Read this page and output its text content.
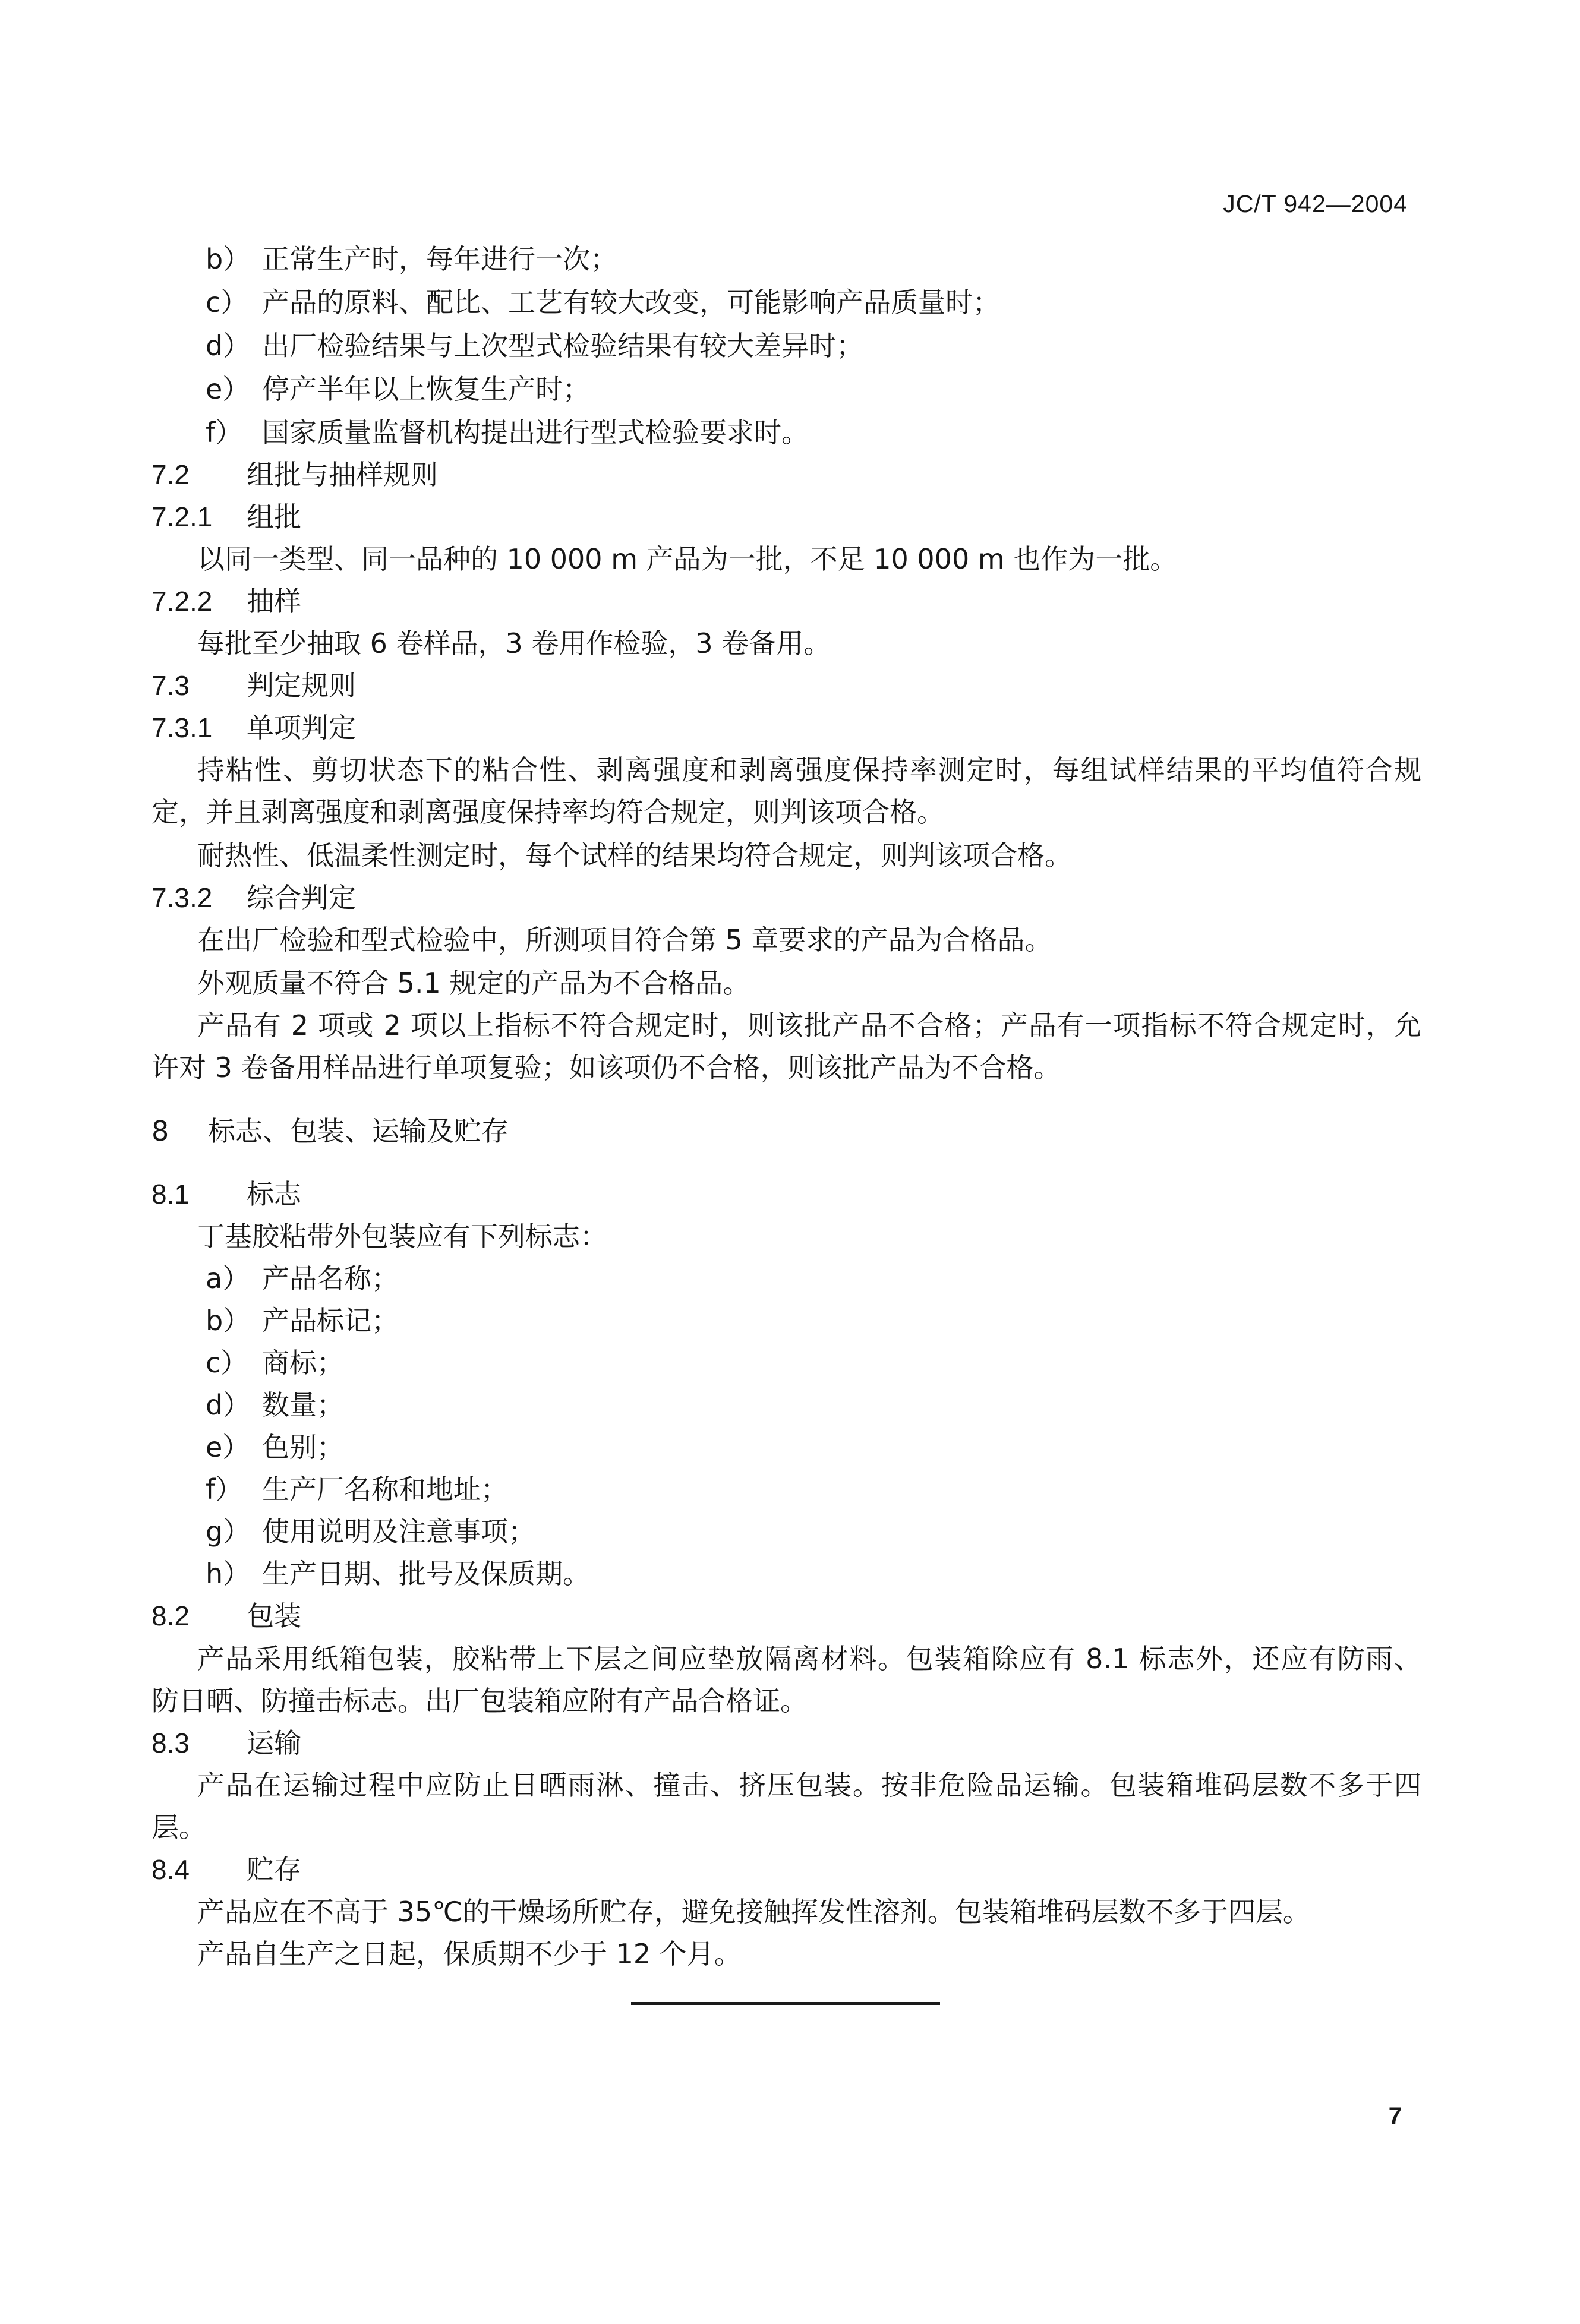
JC/T 942—2004
b） 正常生产时，每年进行一次；
c） 产品的原料、配比、工艺有较大改变，可能影响产品质量时；
d） 出厂检验结果与上次型式检验结果有较大差异时；
e） 停产半年以上恢复生产时；
f） 国家质量监督机构提出进行型式检验要求时。
7.2 组批与抽样规则
7.2.1 组批
以同一类型、同一品种的 10 000 m 产品为一批，不足 10 000 m 也作为一批。
7.2.2 抽样
每批至少抽取 6 卷样品，3 卷用作检验，3 卷备用。
7.3 判定规则
7.3.1 单项判定
持粘性、剪切状态下的粘合性、剥离强度和剥离强度保持率测定时，每组试样结果的平均值符合规
定，并且剥离强度和剥离强度保持率均符合规定，则判该项合格。
耐热性、低温柔性测定时，每个试样的结果均符合规定，则判该项合格。
7.3.2 综合判定
在出厂检验和型式检验中，所测项目符合第 5 章要求的产品为合格品。
外观质量不符合 5.1 规定的产品为不合格品。
产品有 2 项或 2 项以上指标不符合规定时，则该批产品不合格；产品有一项指标不符合规定时，允
许对 3 卷备用样品进行单项复验；如该项仍不合格，则该批产品为不合格。
8 标志、包装、运输及贮存
8.1 标志
丁基胶粘带外包装应有下列标志：
a） 产品名称；
b） 产品标记；
c） 商标；
d） 数量；
e） 色别；
f） 生产厂名称和地址；
g） 使用说明及注意事项；
h） 生产日期、批号及保质期。
8.2 包装
产品采用纸箱包装，胶粘带上下层之间应垫放隔离材料。包装箱除应有 8.1 标志外，还应有防雨、
防日晒、防撞击标志。出厂包装箱应附有产品合格证。
8.3 运输
产品在运输过程中应防止日晒雨淋、撞击、挤压包装。按非危险品运输。包装箱堆码层数不多于四
层。
8.4 贮存
产品应在不高于 35℃的干燥场所贮存，避免接触挥发性溶剂。包装箱堆码层数不多于四层。
产品自生产之日起，保质期不少于 12 个月。
7
